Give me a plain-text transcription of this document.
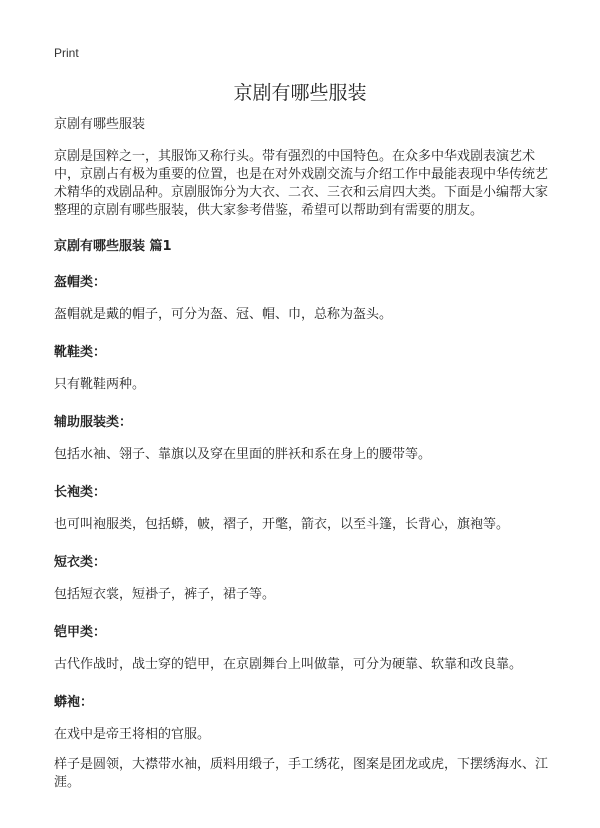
Print
京剧有哪些服装

京剧有哪些服装

京剧是国粹之一，其服饰又称行头。带有强烈的中国特色。在众多中华戏剧表演艺术中，京剧占有极为重要的位置，也是在对外戏剧交流与介绍工作中最能表现中华传统艺术精华的戏剧品种。京剧服饰分为大衣、二衣、三衣和云肩四大类。下面是小编帮大家整理的京剧有哪些服装，供大家参考借鉴，希望可以帮助到有需要的朋友。

京剧有哪些服装 篇1

盔帽类：

盔帽就是戴的帽子，可分为盔、冠、帽、巾，总称为盔头。

靴鞋类：

只有靴鞋两种。

辅助服装类：

包括水袖、翎子、靠旗以及穿在里面的胖袄和系在身上的腰带等。

长袍类：

也可叫袍服类，包括蟒，帔，褶子，开氅，箭衣，以至斗篷，长背心，旗袍等。

短衣类：

包括短衣裳，短褂子，裤子，裙子等。

铠甲类：

古代作战时，战士穿的铠甲，在京剧舞台上叫做靠，可分为硬靠、软靠和改良靠。

蟒袍：

在戏中是帝王将相的官服。

样子是圆领，大襟带水袖，质料用缎子，手工绣花，图案是团龙或虎，下摆绣海水、江涯。
